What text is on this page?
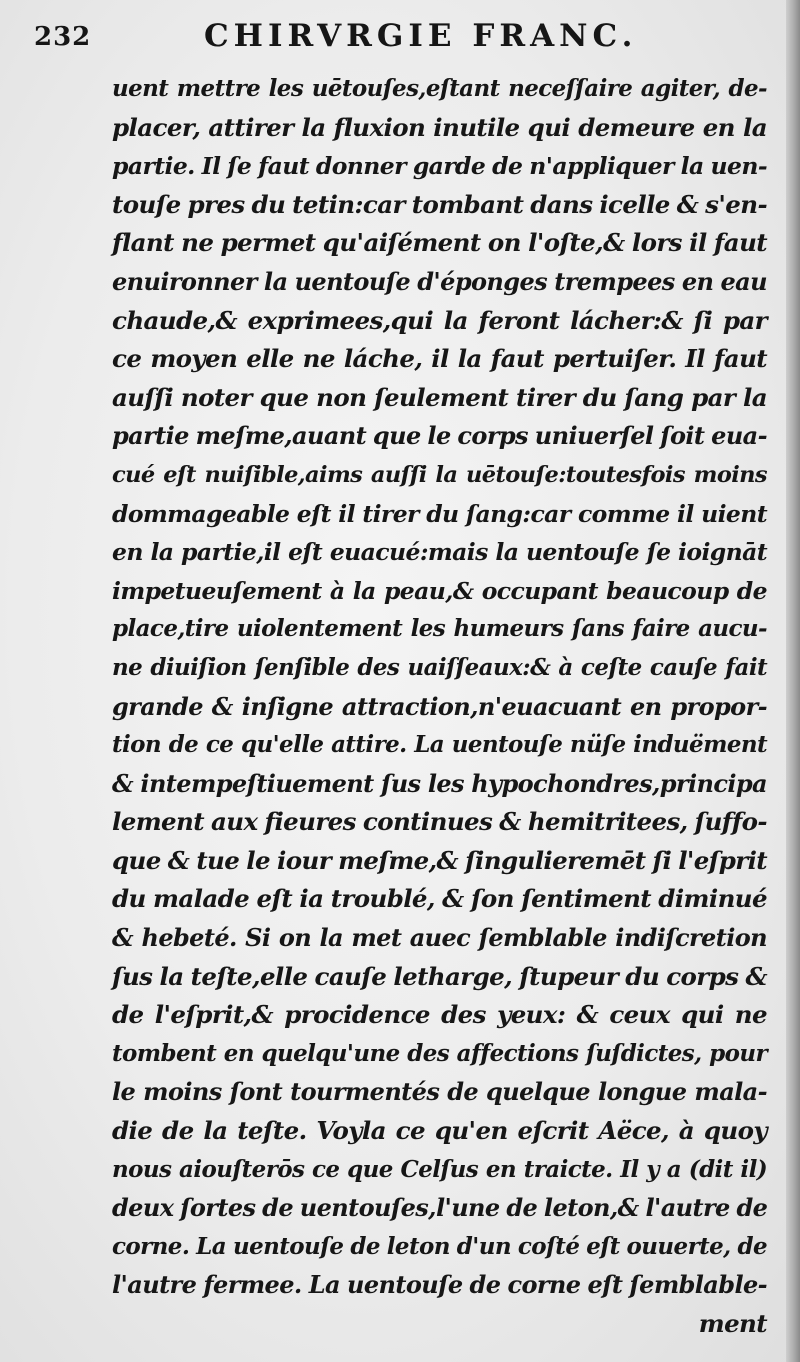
232	CHIRVRGIE FRANC.
uent mettre les uētouſes,eſtant neceſſaire agiter, de-
placer, attirer la fluxion inutile qui demeure en la
partie. Il ſe faut donner garde de n'appliquer la uen-
touſe pres du tetin:car tombant dans icelle & s'en-
flant ne permet qu'aiſément on l'oſte,& lors il faut
enuironner la uentouſe d'éponges trempees en eau
chaude,& exprimees,qui la feront lácher:& ſi par
ce moyen elle ne láche, il la faut pertuiſer. Il faut
auſſi noter que non ſeulement tirer du ſang par la
partie meſme,auant que le corps uniuerſel ſoit eua-
cué eſt nuiſible,aims auſſi la uētouſe:toutesfois moins
dommageable eſt il tirer du ſang:car comme il uient
en la partie,il eſt euacué:mais la uentouſe ſe ioignāt
impetueuſement à la peau,& occupant beaucoup de
place,tire uiolentement les humeurs ſans faire aucu-
ne diuiſion ſenſible des uaiſſeaux:& à ceſte cauſe fait
grande & inſigne attraction,n'euacuant en propor-
tion de ce qu'elle attire. La uentouſe nüſe induëment
& intempeſtiuement ſus les hypochondres,principa
lement aux fieures continues & hemitritees, ſuffo-
que & tue le iour meſme,& ſingulieremēt ſi l'eſprit
du malade eſt ia troublé, & ſon ſentiment diminué
& hebeté. Si on la met auec ſemblable indiſcretion
ſus la teſte,elle cauſe lethargе, ſtupeur du corps &
de l'eſprit,& procidence des yeux: & ceux qui ne
tombent en quelqu'une des affections ſuſdictes, pour
le moins ſont tourmentés de quelque longue mala-
die de la teſte. Voyla ce qu'en eſcrit Aëce, à quoy
nous aiouſterōs ce que Celſus en traicte. Il y a (dit il)
deux ſortes de uentouſes,l'une de leton,& l'autre de
corne. La uentouſe de leton d'un coſté eſt ouuerte, de
l'autre fermee. La uentouſe de corne eſt ſemblable-
ment
